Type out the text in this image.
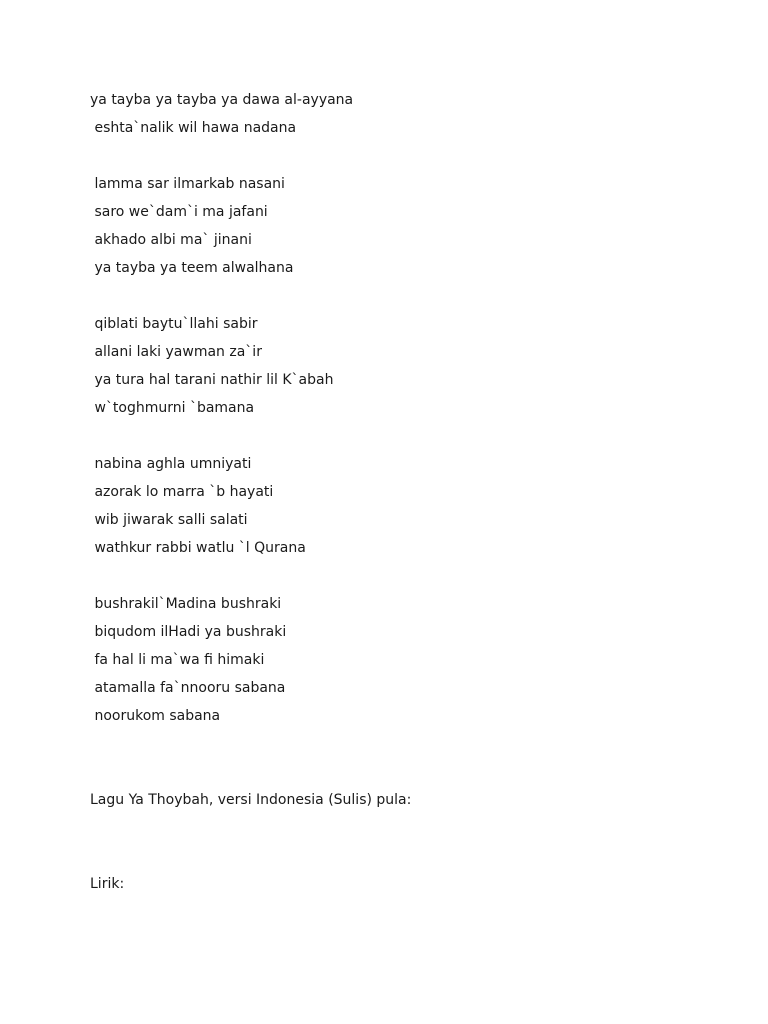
ya tayba ya tayba ya dawa al-ayyana

eshta`nalik wil hawa nadana

lamma sar ilmarkab nasani

saro we`dam`i ma jafani

akhado albi ma` jinani

ya tayba ya teem alwalhana

qiblati baytu`llahi sabir

allani laki yawman za`ir

ya tura hal tarani nathir lil K`abah

w`toghmurni `bamana

nabina aghla umniyati

azorak lo marra `b hayati

wib jiwarak salli salati

wathkur rabbi watlu `l Qurana

bushrakil`Madina bushraki

biqudom ilHadi ya bushraki

fa hal li ma`wa fi himaki

atamalla fa`nnooru sabana

noorukom sabana

Lagu Ya Thoybah, versi Indonesia (Sulis) pula:

Lirik:
